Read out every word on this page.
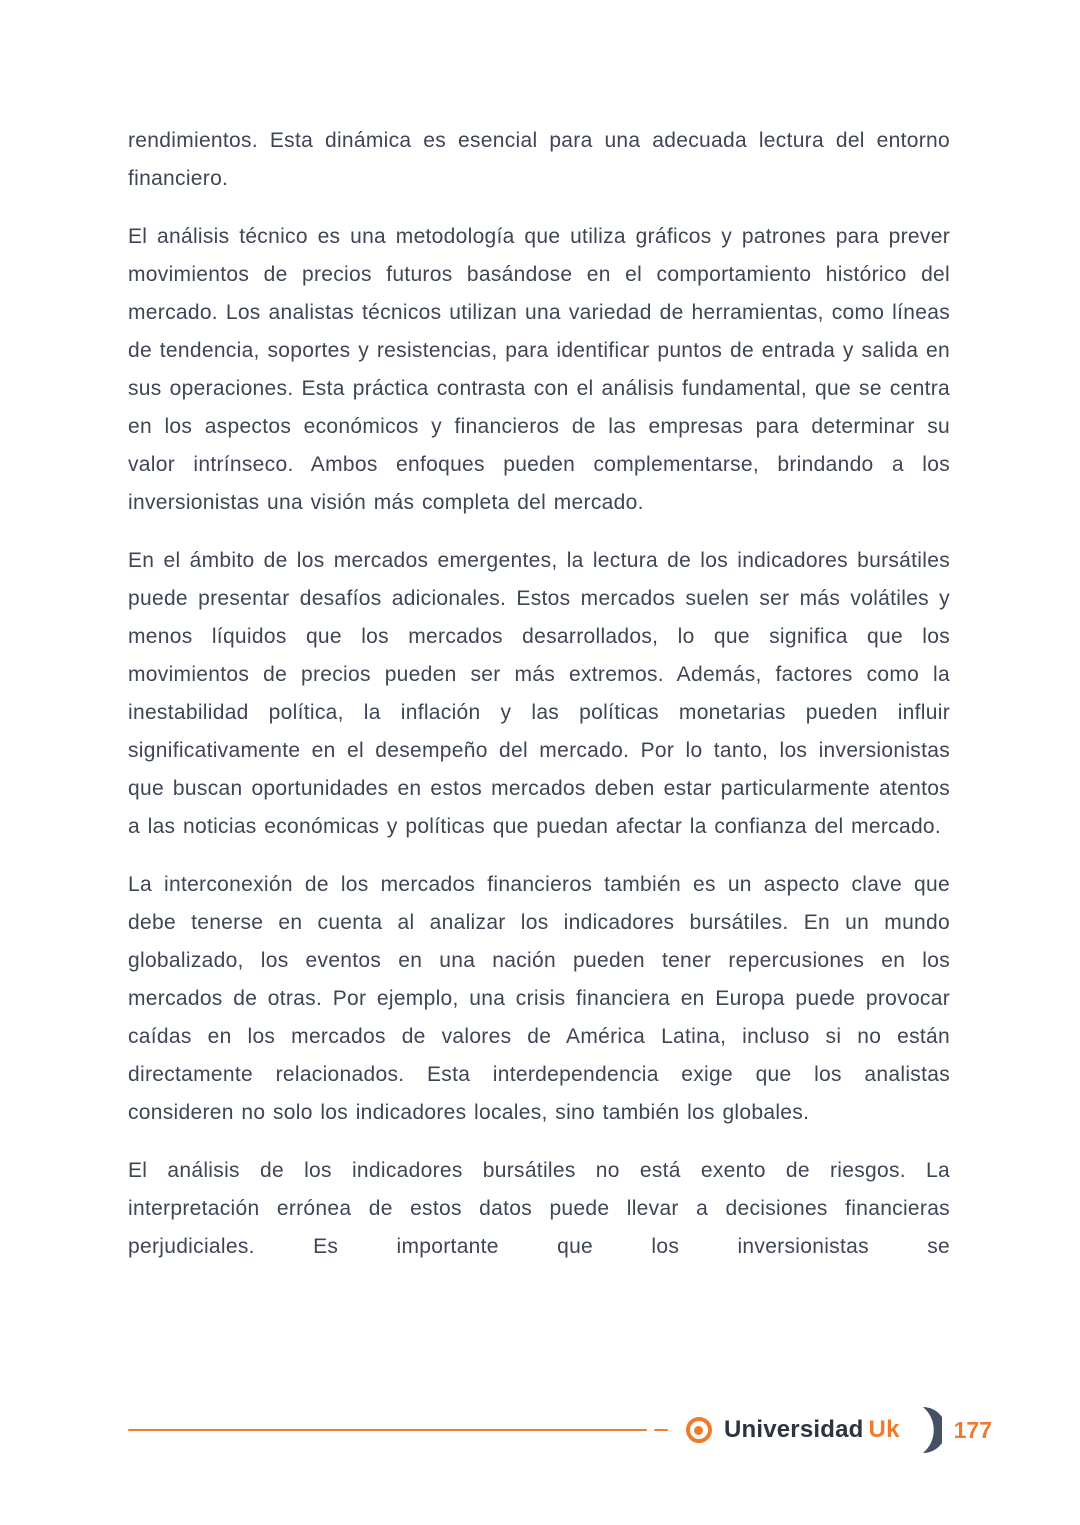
rendimientos. Esta dinámica es esencial para una adecuada lectura del entorno financiero.

El análisis técnico es una metodología que utiliza gráficos y patrones para prever movimientos de precios futuros basándose en el comportamiento histórico del mercado. Los analistas técnicos utilizan una variedad de herramientas, como líneas de tendencia, soportes y resistencias, para identificar puntos de entrada y salida en sus operaciones. Esta práctica contrasta con el análisis fundamental, que se centra en los aspectos económicos y financieros de las empresas para determinar su valor intrínseco. Ambos enfoques pueden complementarse, brindando a los inversionistas una visión más completa del mercado.

En el ámbito de los mercados emergentes, la lectura de los indicadores bursátiles puede presentar desafíos adicionales. Estos mercados suelen ser más volátiles y menos líquidos que los mercados desarrollados, lo que significa que los movimientos de precios pueden ser más extremos. Además, factores como la inestabilidad política, la inflación y las políticas monetarias pueden influir significativamente en el desempeño del mercado. Por lo tanto, los inversionistas que buscan oportunidades en estos mercados deben estar particularmente atentos a las noticias económicas y políticas que puedan afectar la confianza del mercado.

La interconexión de los mercados financieros también es un aspecto clave que debe tenerse en cuenta al analizar los indicadores bursátiles. En un mundo globalizado, los eventos en una nación pueden tener repercusiones en los mercados de otras. Por ejemplo, una crisis financiera en Europa puede provocar caídas en los mercados de valores de América Latina, incluso si no están directamente relacionados. Esta interdependencia exige que los analistas consideren no solo los indicadores locales, sino también los globales.

El análisis de los indicadores bursátiles no está exento de riesgos. La interpretación errónea de estos datos puede llevar a decisiones financieras perjudiciales. Es importante que los inversionistas se

Universidad Uk 177
